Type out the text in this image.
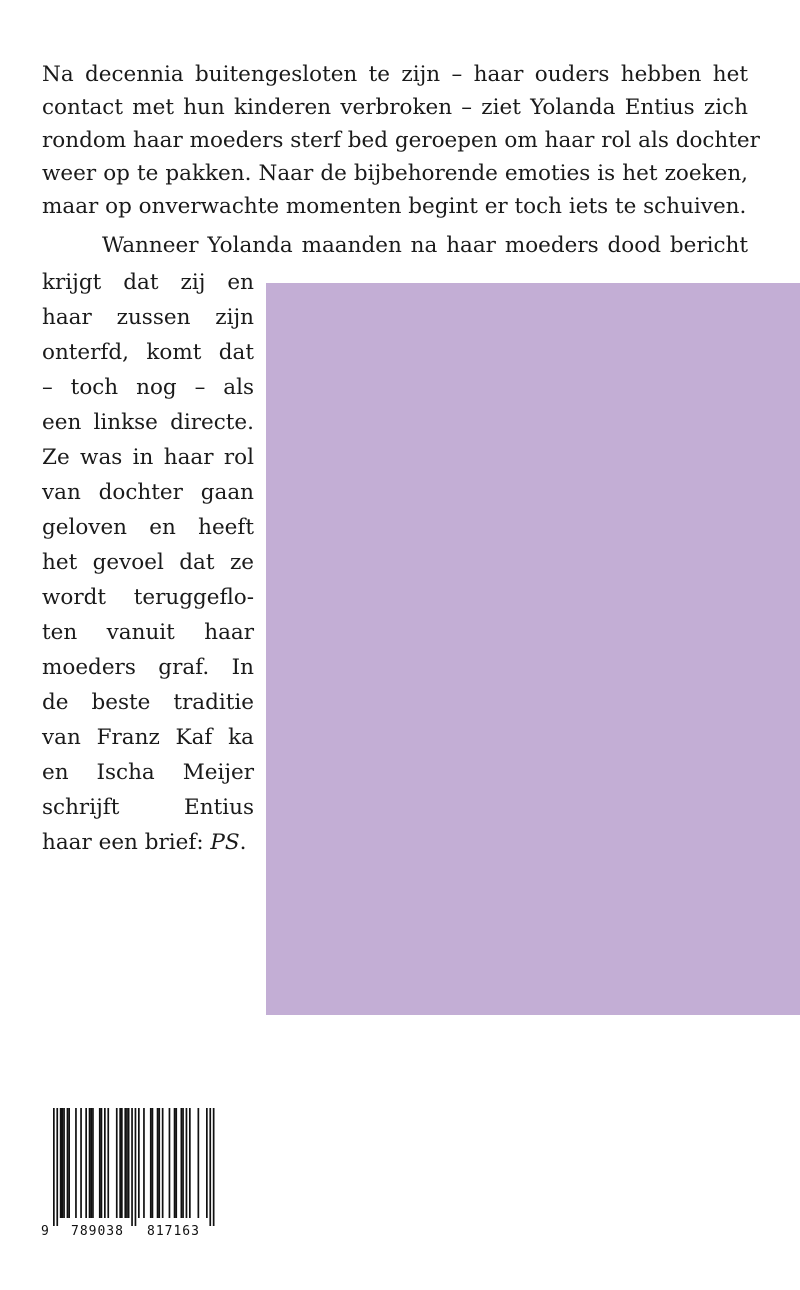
Na decennia buitengesloten te zijn – haar ouders hebben het

contact met hun kinderen verbroken – ziet Yolanda Entius zich

rondom haar moeders sterf bed geroepen om haar rol als dochter

weer op te pakken. Naar de bijbehorende emoties is het zoeken,

maar op onverwachte momenten begint er toch iets te schuiven.

Wanneer Yolanda maanden na haar moeders dood bericht

krijgt dat zij en

haar zussen zijn

onterfd, komt dat

– toch nog – als

een linkse directe.

Ze was in haar rol

van dochter gaan

geloven en heeft

het gevoel dat ze

wordt teruggeflo-

ten vanuit haar

moeders graf. In

de beste traditie

van Franz Kaf ka

en Ischa Meijer

schrijft Entius

haar een brief: PS.

9 789038 817163
